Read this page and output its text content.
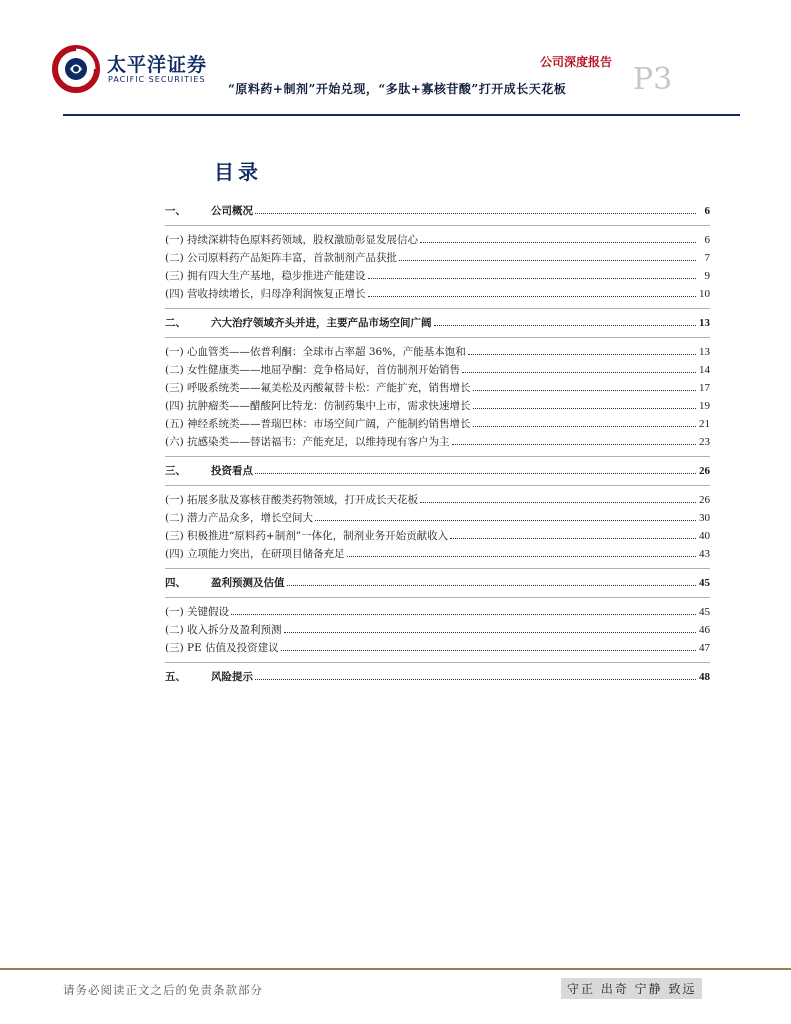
太平洋证券
PACIFIC SECURITIES
公司深度报告
“原料药+制剂”开始兑现，“多肽+寡核苷酸”打开成长天花板 P3
目录
一、	公司概况	6
(一) 持续深耕特色原料药领域，股权激励彰显发展信心	6
(二) 公司原料药产品矩阵丰富，首款制剂产品获批	7
(三) 拥有四大生产基地，稳步推进产能建设	9
(四) 营收持续增长，归母净利润恢复正增长	10
二、	六大治疗领域齐头并进，主要产品市场空间广阔	13
(一) 心血管类——依普利酮：全球市占率超 36%，产能基本饱和	13
(二) 女性健康类——地屈孕酮：竞争格局好，首仿制剂开始销售	14
(三) 呼吸系统类——氟美松及丙酸氟替卡松：产能扩充，销售增长	17
(四) 抗肿瘤类——醋酸阿比特龙：仿制药集中上市，需求快速增长	19
(五) 神经系统类——普瑞巴林：市场空间广阔，产能制约销售增长	21
(六) 抗感染类——替诺福韦：产能充足，以维持现有客户为主	23
三、	投资看点	26
(一) 拓展多肽及寡核苷酸类药物领域，打开成长天花板	26
(二) 潜力产品众多，增长空间大	30
(三) 积极推进“原料药+制剂”一体化，制剂业务开始贡献收入	40
(四) 立项能力突出，在研项目储备充足	43
四、	盈利预测及估值	45
(一) 关键假设	45
(二) 收入拆分及盈利预测	46
(三) PE 估值及投资建议	47
五、	风险提示	48
请务必阅读正文之后的免责条款部分	守正 出奇 宁静 致远
